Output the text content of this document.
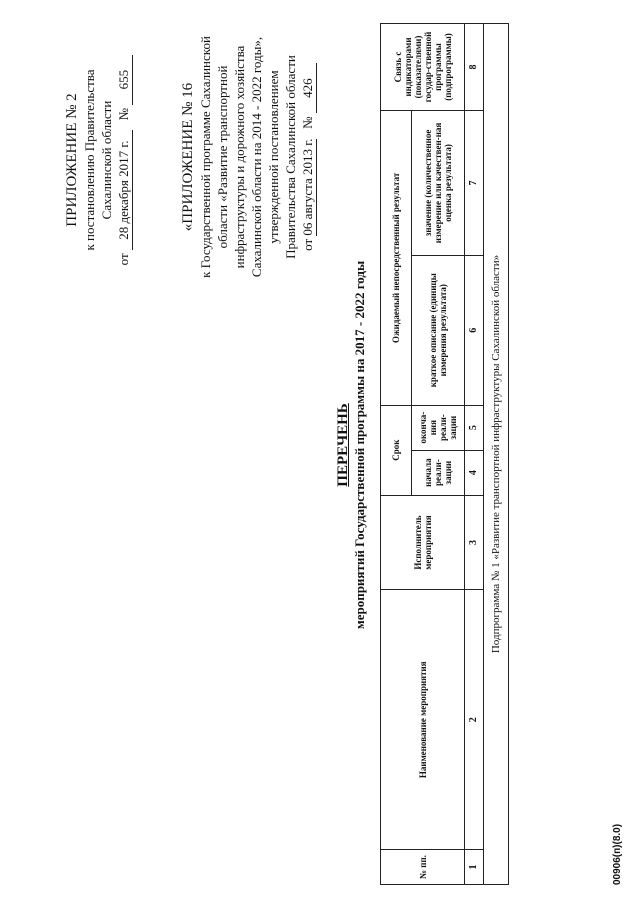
ПРИЛОЖЕНИЕ № 2 к постановлению Правительства Сахалинской области
от 28 декабря 2017 г.   № 655
«ПРИЛОЖЕНИЕ № 16 к Государственной программе Сахалинской области «Развитие транспортной инфраструктуры и дорожного хозяйства Сахалинской области на 2014 - 2022 годы», утвержденной постановлением Правительства Сахалинской области от 06 августа 2013 г.   № 426
ПЕРЕЧЕНЬ мероприятий Государственной программы на 2017 - 2022 годы
№ пп.	Наименование мероприятия	Исполнитель мероприятия	Срок		Ожидаемый непосредственный результат		Связь с индикаторами (показателями) государ-ственной программы (подпрограммы)
			начала реали-зации	оконча-ния реали-зации	краткое описание (единицы измерения результата)	значение (количественное измерение или качествен-ная оценка результата)	
1	2	3	4	5	6	7	8
Подпрограмма № 1 «Развитие транспортной инфраструктуры Сахалинской области»							
00906(п)(8.0)
